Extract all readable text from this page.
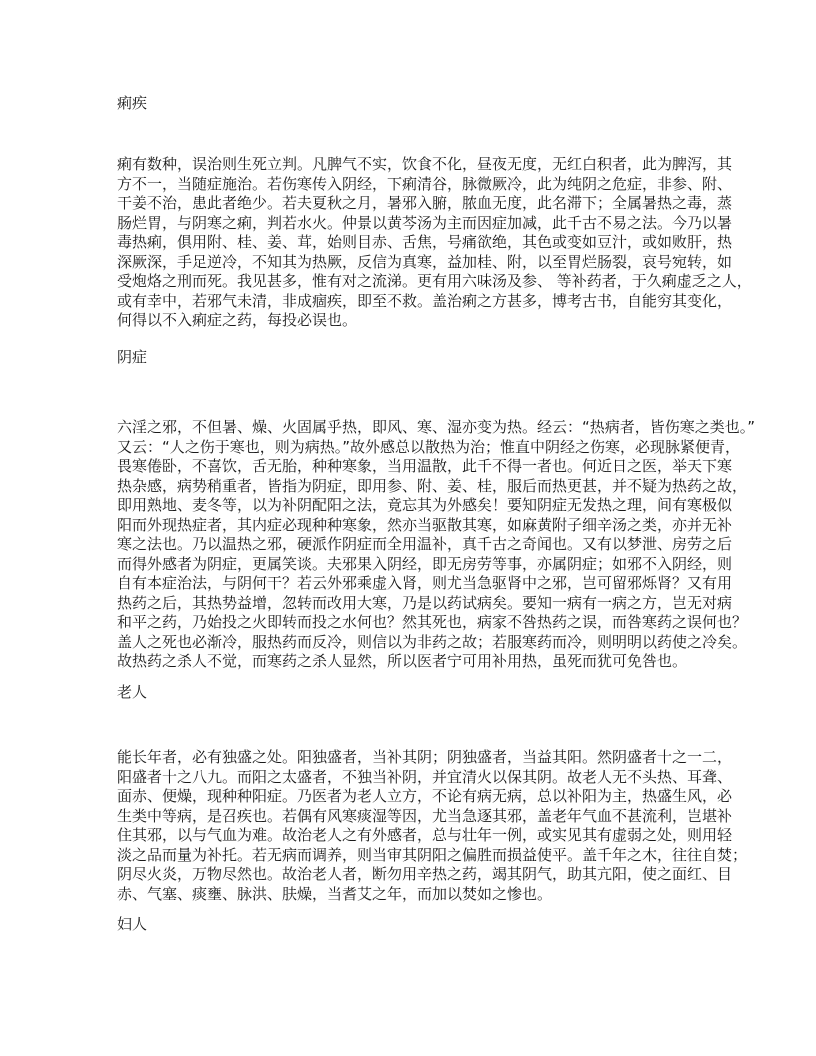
痢疾
痢有数种，误治则生死立判。凡脾气不实，饮食不化，昼夜无度，无红白积者，此为脾泻，其
方不一，当随症施治。若伤寒传入阴经，下痢清谷，脉微厥冷，此为纯阴之危症，非参、附、
干姜不治，患此者绝少。若夫夏秋之月，暑邪入腑，脓血无度，此名滞下；全属暑热之毒，蒸
肠烂胃，与阴寒之痢，判若水火。仲景以黄芩汤为主而因症加减，此千古不易之法。今乃以暑
毒热痢，俱用附、桂、姜、茸，始则目赤、舌焦，号痛欲绝，其色或变如豆汁，或如败肝，热
深厥深，手足逆冷，不知其为热厥，反信为真寒，益加桂、附，以至胃烂肠裂，哀号宛转，如
受炮烙之刑而死。我见甚多，惟有对之流涕。更有用六味汤及参、 等补药者，于久痢虚乏之人，
或有幸中，若邪气未清，非成痼疾，即至不救。盖治痢之方甚多，博考古书，自能穷其变化，
何得以不入痢症之药，每投必误也。
阴症
六淫之邪，不但暑、燥、火固属乎热，即风、寒、湿亦变为热。经云：“热病者，皆伤寒之类也。”
又云：“人之伤于寒也，则为病热。”故外感总以散热为治；惟直中阴经之伤寒，必现脉紧便青，
畏寒倦卧，不喜饮，舌无胎，种种寒象，当用温散，此千不得一者也。何近日之医，举天下寒
热杂感，病势稍重者，皆指为阴症，即用参、附、姜、桂，服后而热更甚，并不疑为热药之故，
即用熟地、麦冬等，以为补阴配阳之法，竟忘其为外感矣！要知阴症无发热之理，间有寒极似
阳而外现热症者，其内症必现种种寒象，然亦当驱散其寒，如麻黄附子细辛汤之类，亦并无补
寒之法也。乃以温热之邪，硬派作阴症而全用温补，真千古之奇闻也。又有以梦泄、房劳之后
而得外感者为阴症，更属笑谈。夫邪果入阴经，即无房劳等事，亦属阴症；如邪不入阴经，则
自有本症治法，与阴何干？若云外邪乘虚入肾，则尤当急驱肾中之邪，岂可留邪烁肾？又有用
热药之后，其热势益增，忽转而改用大寒，乃是以药试病矣。要知一病有一病之方，岂无对病
和平之药，乃始投之火即转而投之水何也？然其死也，病家不咎热药之误，而咎寒药之误何也？
盖人之死也必渐冷，服热药而反冷，则信以为非药之故；若服寒药而冷，则明明以药使之冷矣。
故热药之杀人不觉，而寒药之杀人显然，所以医者宁可用补用热，虽死而犹可免咎也。
老人
能长年者，必有独盛之处。阳独盛者，当补其阴；阴独盛者，当益其阳。然阴盛者十之一二，
阳盛者十之八九。而阳之太盛者，不独当补阴，并宜清火以保其阴。故老人无不头热、耳聋、
面赤、便燥，现种种阳症。乃医者为老人立方，不论有病无病，总以补阳为主，热盛生风，必
生类中等病，是召疾也。若偶有风寒痰湿等因，尤当急逐其邪，盖老年气血不甚流利，岂堪补
住其邪，以与气血为难。故治老人之有外感者，总与壮年一例，或实见其有虚弱之处，则用轻
淡之品而量为补托。若无病而调养，则当审其阴阳之偏胜而损益使平。盖千年之木，往往自焚；
阴尽火炎，万物尽然也。故治老人者，断勿用辛热之药，竭其阴气，助其亢阳，使之面红、目
赤、气塞、痰壅、脉洪、肤燥，当耆艾之年，而加以焚如之惨也。
妇人
